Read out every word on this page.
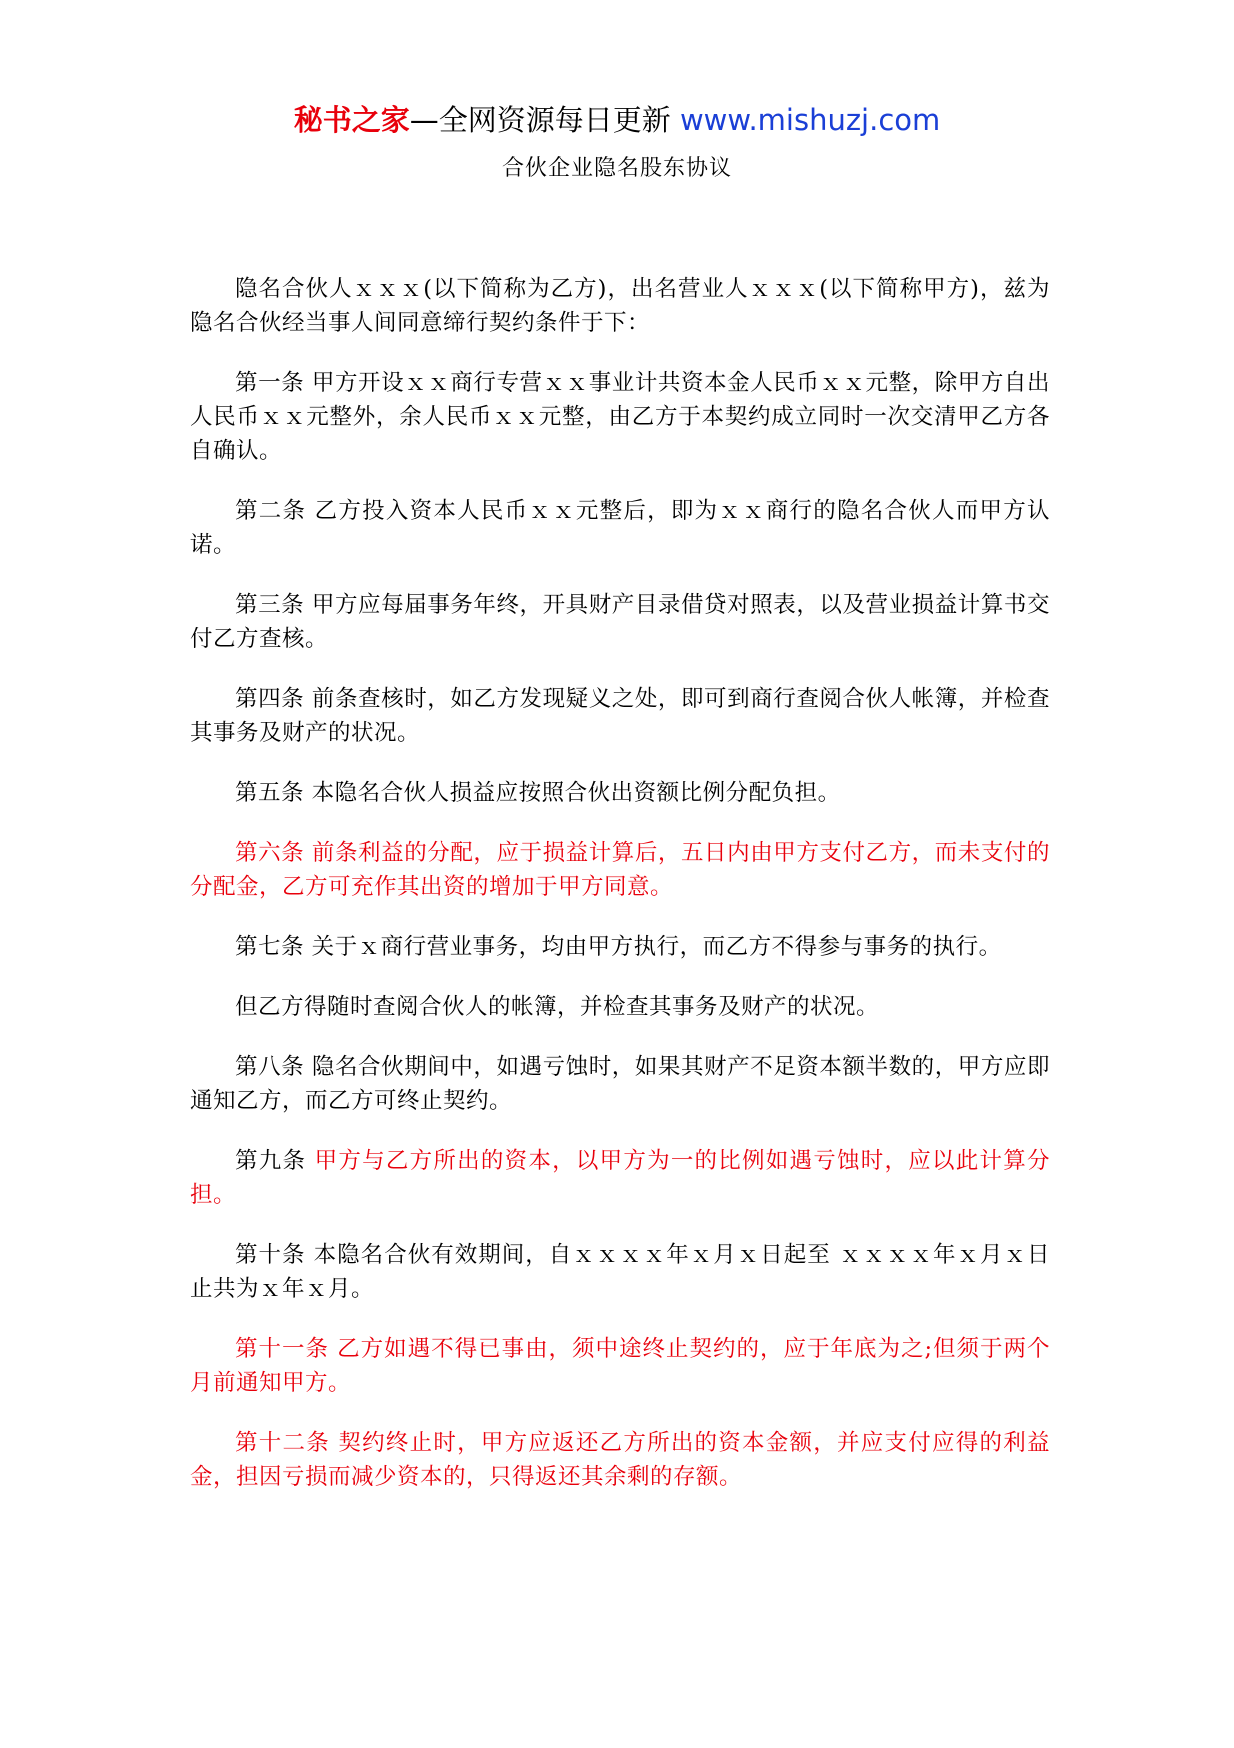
秘书之家—全网资源每日更新 www.mishuzj.com
合伙企业隐名股东协议

隐名合伙人ｘｘｘ(以下简称为乙方)，出名营业人ｘｘｘ(以下简称甲方)，兹为隐名合伙经当事人间同意缔行契约条件于下：

第一条 甲方开设ｘｘ商行专营ｘｘ事业计共资本金人民币ｘｘ元整，除甲方自出人民币ｘｘ元整外，余人民币ｘｘ元整，由乙方于本契约成立同时一次交清甲乙方各自确认。

第二条 乙方投入资本人民币ｘｘ元整后，即为ｘｘ商行的隐名合伙人而甲方认诺。

第三条 甲方应每届事务年终，开具财产目录借贷对照表，以及营业损益计算书交付乙方查核。

第四条 前条查核时，如乙方发现疑义之处，即可到商行查阅合伙人帐簿，并检查其事务及财产的状况。

第五条 本隐名合伙人损益应按照合伙出资额比例分配负担。

第六条 前条利益的分配，应于损益计算后，五日内由甲方支付乙方，而未支付的分配金，乙方可充作其出资的增加于甲方同意。

第七条 关于ｘ商行营业事务，均由甲方执行，而乙方不得参与事务的执行。

但乙方得随时查阅合伙人的帐簿，并检查其事务及财产的状况。

第八条 隐名合伙期间中，如遇亏蚀时，如果其财产不足资本额半数的，甲方应即通知乙方，而乙方可终止契约。

第九条 甲方与乙方所出的资本，以甲方为一的比例如遇亏蚀时，应以此计算分担。

第十条 本隐名合伙有效期间，自ｘｘｘｘ年ｘ月ｘ日起至 ｘｘｘｘ年ｘ月ｘ日止共为ｘ年ｘ月。

第十一条 乙方如遇不得已事由，须中途终止契约的，应于年底为之;但须于两个月前通知甲方。

第十二条 契约终止时，甲方应返还乙方所出的资本金额，并应支付应得的利益金，担因亏损而减少资本的，只得返还其余剩的存额。
